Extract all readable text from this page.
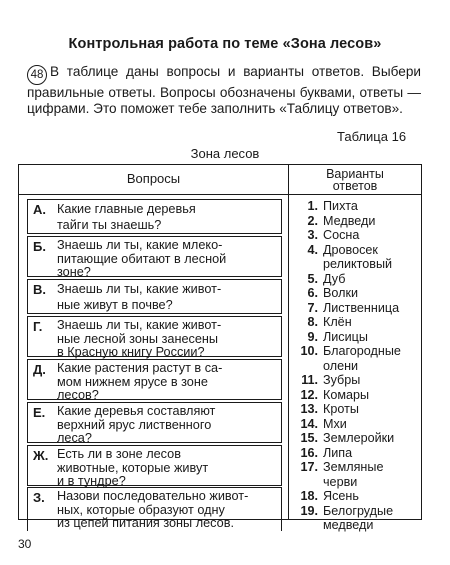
Контрольная работа по теме «Зона лесов»
48 В таблице даны вопросы и варианты ответов. Выбери правильные ответы. Вопросы обозначены буквами, ответы — цифрами. Это поможет тебе заполнить «Таблицу ответов».
Таблица 16
Зона лесов
Вопросы	Варианты
ответов
А. Какие главные деревья
тайги ты знаешь?
Б. Знаешь ли ты, какие млеко-
питающие обитают в лесной
зоне?
В. Знаешь ли ты, какие живот-
ные живут в почве?
Г. Знаешь ли ты, какие живот-
ные лесной зоны занесены
в Красную книгу России?
Д. Какие растения растут в са-
мом нижнем ярусе в зоне
лесов?
Е. Какие деревья составляют
верхний ярус лиственного
леса?
Ж. Есть ли в зоне лесов
животные, которые живут
и в тундре?
З. Назови последовательно живот-
ных, которые образуют одну
из цепей питания зоны лесов.
1. Пихта
2. Медведи
3. Сосна
4. Дровосек
реликтовый
5. Дуб
6. Волки
7. Лиственница
8. Клён
9. Лисицы
10. Благородные
олени
11. Зубры
12. Комары
13. Кроты
14. Мхи
15. Землеройки
16. Липа
17. Земляные
черви
18. Ясень
19. Белогрудые
медведи
30
